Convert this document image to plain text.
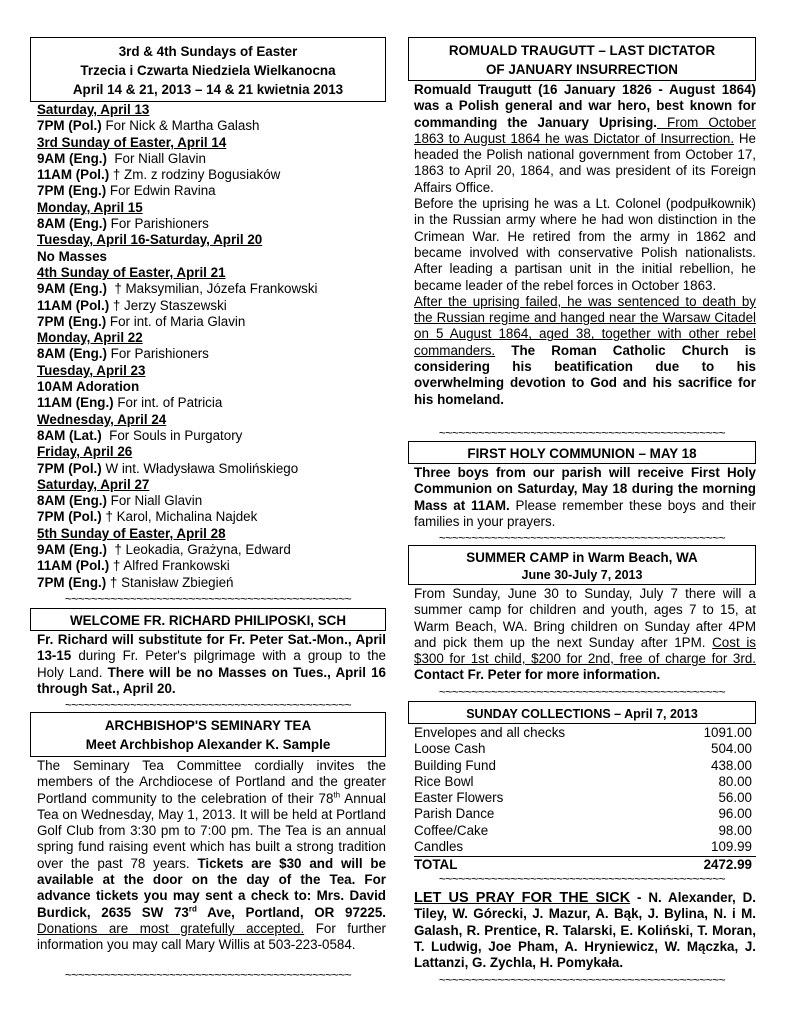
3rd & 4th Sundays of Easter
Trzecia i Czwarta Niedziela Wielkanocna
April 14 & 21, 2013 – 14 & 21 kwietnia 2013
Saturday, April 13
7PM (Pol.) For Nick & Martha Galash
3rd Sunday of Easter, April 14
9AM (Eng.)  For Niall Glavin
11AM (Pol.) † Zm. z rodziny Bogusiaków
7PM (Eng.) For Edwin Ravina
Monday, April 15
8AM (Eng.) For Parishioners
Tuesday, April 16-Saturday, April 20
No Masses
4th Sunday of Easter, April 21
9AM (Eng.)  † Maksymilian, Józefa Frankowski
11AM (Pol.) † Jerzy Staszewski
7PM (Eng.) For int. of Maria Glavin
Monday, April 22
8AM (Eng.) For Parishioners
Tuesday, April 23
10AM Adoration
11AM (Eng.) For int. of Patricia
Wednesday, April 24
8AM (Lat.)  For Souls in Purgatory
Friday, April 26
7PM (Pol.) W int. Władysława Smolińskiego
Saturday, April 27
8AM (Eng.) For Niall Glavin
7PM (Pol.) † Karol, Michalina Najdek
5th Sunday of Easter, April 28
9AM (Eng.)  † Leokadia, Grażyna, Edward
11AM (Pol.) † Alfred Frankowski
7PM (Eng.) † Stanisław Zbiegień
~~~~~~~~~~~~~~~~~~~~~~~~~~~~~~~~~~~~~~~~~~~~
WELCOME FR. RICHARD PHILIPOSKI, SCH
Fr. Richard will substitute for Fr. Peter Sat.-Mon., April 13-15 during Fr. Peter's pilgrimage with a group to the Holy Land. There will be no Masses on Tues., April 16 through Sat., April 20.
~~~~~~~~~~~~~~~~~~~~~~~~~~~~~~~~~~~~~~~~~~~~
ARCHBISHOP'S SEMINARY TEA
Meet Archbishop Alexander K. Sample
The Seminary Tea Committee cordially invites the members of the Archdiocese of Portland and the greater Portland community to the celebration of their 78th Annual Tea on Wednesday, May 1, 2013. It will be held at Portland Golf Club from 3:30 pm to 7:00 pm. The Tea is an annual spring fund raising event which has built a strong tradition over the past 78 years. Tickets are $30 and will be available at the door on the day of the Tea. For advance tickets you may sent a check to: Mrs. David Burdick, 2635 SW 73rd Ave, Portland, OR 97225. Donations are most gratefully accepted. For further information you may call Mary Willis at 503-223-0584.
~~~~~~~~~~~~~~~~~~~~~~~~~~~~~~~~~~~~~~~~~~~~
ROMUALD TRAUGUTT – LAST DICTATOR
OF JANUARY INSURRECTION
Romuald Traugutt (16 January 1826 - August 1864) was a Polish general and war hero, best known for commanding the January Uprising. From October 1863 to August 1864 he was Dictator of Insurrection. He headed the Polish national government from October 17, 1863 to April 20, 1864, and was president of its Foreign Affairs Office.
Before the uprising he was a Lt. Colonel (podpułkownik) in the Russian army where he had won distinction in the Crimean War. He retired from the army in 1862 and became involved with conservative Polish nationalists. After leading a partisan unit in the initial rebellion, he became leader of the rebel forces in October 1863.
After the uprising failed, he was sentenced to death by the Russian regime and hanged near the Warsaw Citadel on 5 August 1864, aged 38, together with other rebel commanders. The Roman Catholic Church is considering his beatification due to his overwhelming devotion to God and his sacrifice for his homeland.
~~~~~~~~~~~~~~~~~~~~~~~~~~~~~~~~~~~~~~~~~~~~
FIRST HOLY COMMUNION – MAY 18
Three boys from our parish will receive First Holy Communion on Saturday, May 18 during the morning Mass at 11AM. Please remember these boys and their families in your prayers.
~~~~~~~~~~~~~~~~~~~~~~~~~~~~~~~~~~~~~~~~~~~~
SUMMER CAMP in Warm Beach, WA
June 30-July 7, 2013
From Sunday, June 30 to Sunday, July 7 there will a summer camp for children and youth, ages 7 to 15, at Warm Beach, WA. Bring children on Sunday after 4PM and pick them up the next Sunday after 1PM. Cost is $300 for 1st child, $200 for 2nd, free of charge for 3rd. Contact Fr. Peter for more information.
~~~~~~~~~~~~~~~~~~~~~~~~~~~~~~~~~~~~~~~~~~~~
SUNDAY COLLECTIONS – April 7, 2013
Envelopes and all checks	1091.00
Loose Cash	504.00
Building Fund	438.00
Rice Bowl	80.00
Easter Flowers	56.00
Parish Dance	96.00
Coffee/Cake	98.00
Candles	109.99
TOTAL	2472.99
~~~~~~~~~~~~~~~~~~~~~~~~~~~~~~~~~~~~~~~~~~~~
LET US PRAY FOR THE SICK - N. Alexander, D. Tiley, W. Górecki, J. Mazur, A. Bąk, J. Bylina, N. i M. Galash, R. Prentice, R. Talarski, E. Koliński, T. Moran, T. Ludwig, Joe Pham, A. Hryniewicz, W. Mączka, J. Lattanzi, G. Zychla, H. Pomykała.
~~~~~~~~~~~~~~~~~~~~~~~~~~~~~~~~~~~~~~~~~~~~
